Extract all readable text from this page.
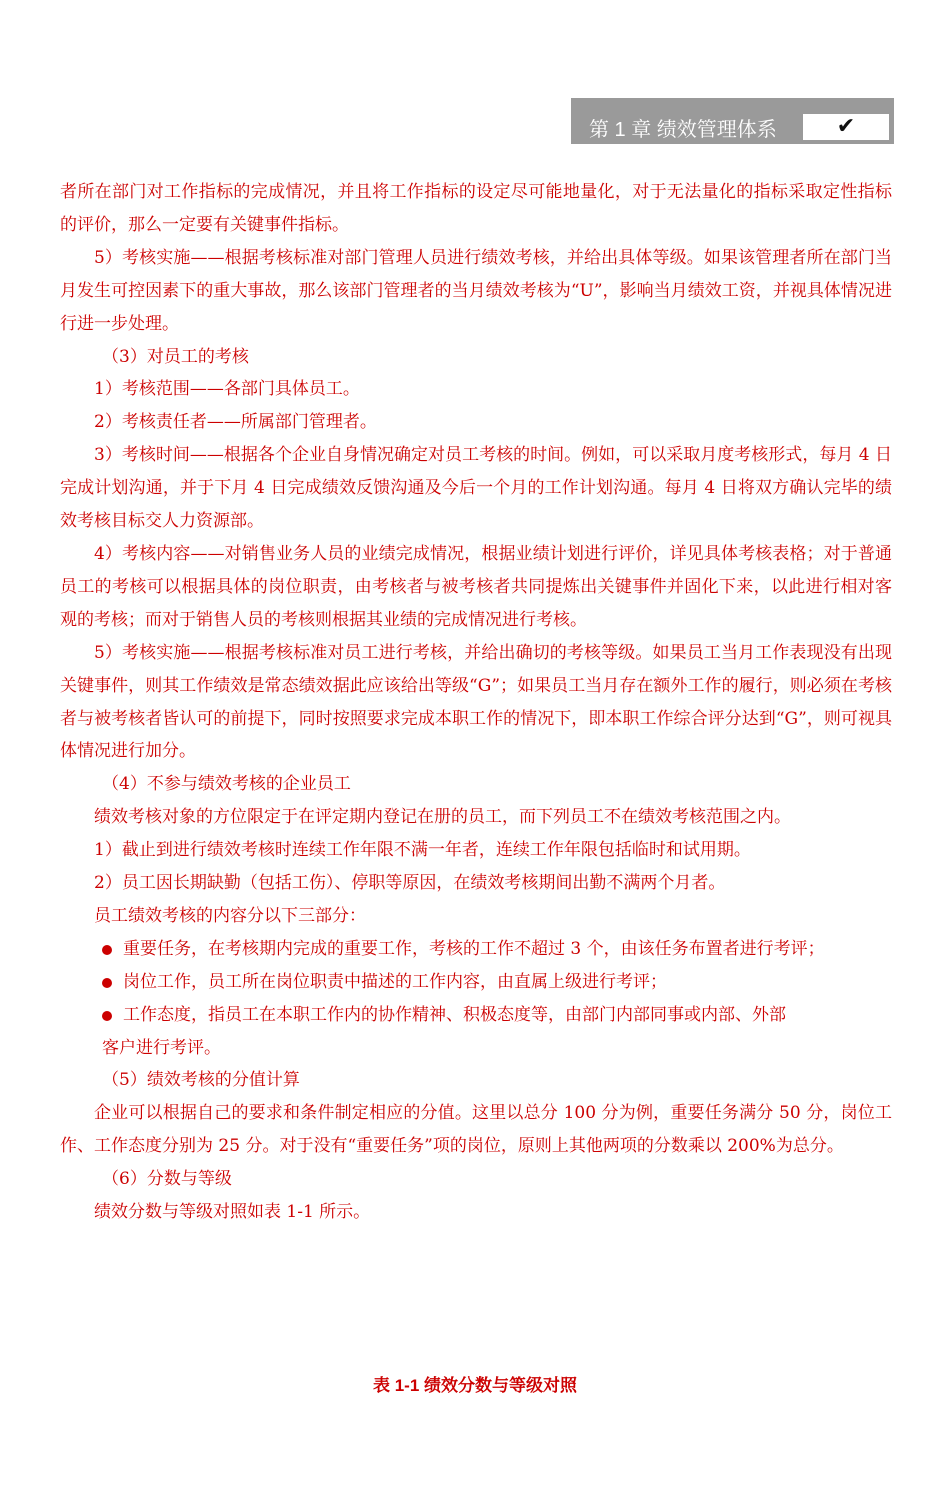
第 1 章 绩效管理体系	✔

者所在部门对工作指标的完成情况，并且将工作指标的设定尽可能地量化，对于无法量化的指标采取定性指标的评价，那么一定要有关键事件指标。

5）考核实施——根据考核标准对部门管理人员进行绩效考核，并给出具体等级。如果该管理者所在部门当月发生可控因素下的重大事故，那么该部门管理者的当月绩效考核为“U”，影响当月绩效工资，并视具体情况进行进一步处理。

（3）对员工的考核

1）考核范围——各部门具体员工。

2）考核责任者——所属部门管理者。

3）考核时间——根据各个企业自身情况确定对员工考核的时间。例如，可以采取月度考核形式，每月 4 日完成计划沟通，并于下月 4 日完成绩效反馈沟通及今后一个月的工作计划沟通。每月 4 日将双方确认完毕的绩效考核目标交人力资源部。

4）考核内容——对销售业务人员的业绩完成情况，根据业绩计划进行评价，详见具体考核表格；对于普通员工的考核可以根据具体的岗位职责，由考核者与被考核者共同提炼出关键事件并固化下来，以此进行相对客观的考核；而对于销售人员的考核则根据其业绩的完成情况进行考核。

5）考核实施——根据考核标准对员工进行考核，并给出确切的考核等级。如果员工当月工作表现没有出现关键事件，则其工作绩效是常态绩效据此应该给出等级“G”；如果员工当月存在额外工作的履行，则必须在考核者与被考核者皆认可的前提下，同时按照要求完成本职工作的情况下，即本职工作综合评分达到“G”，则可视具体情况进行加分。

（4）不参与绩效考核的企业员工

绩效考核对象的方位限定于在评定期内登记在册的员工，而下列员工不在绩效考核范围之内。

1）截止到进行绩效考核时连续工作年限不满一年者，连续工作年限包括临时和试用期。

2）员工因长期缺勤（包括工伤）、停职等原因，在绩效考核期间出勤不满两个月者。

员工绩效考核的内容分以下三部分：

重要任务，在考核期内完成的重要工作，考核的工作不超过 3 个，由该任务布置者进行考评；

岗位工作，员工所在岗位职责中描述的工作内容，由直属上级进行考评；

工作态度，指员工在本职工作内的协作精神、积极态度等，由部门内部同事或内部、外部

客户进行考评。

（5）绩效考核的分值计算

企业可以根据自己的要求和条件制定相应的分值。这里以总分 100 分为例，重要任务满分 50 分，岗位工作、工作态度分别为 25 分。对于没有“重要任务”项的岗位，原则上其他两项的分数乘以 200%为总分。

（6）分数与等级

绩效分数与等级对照如表 1-1 所示。

表 1-1 绩效分数与等级对照
